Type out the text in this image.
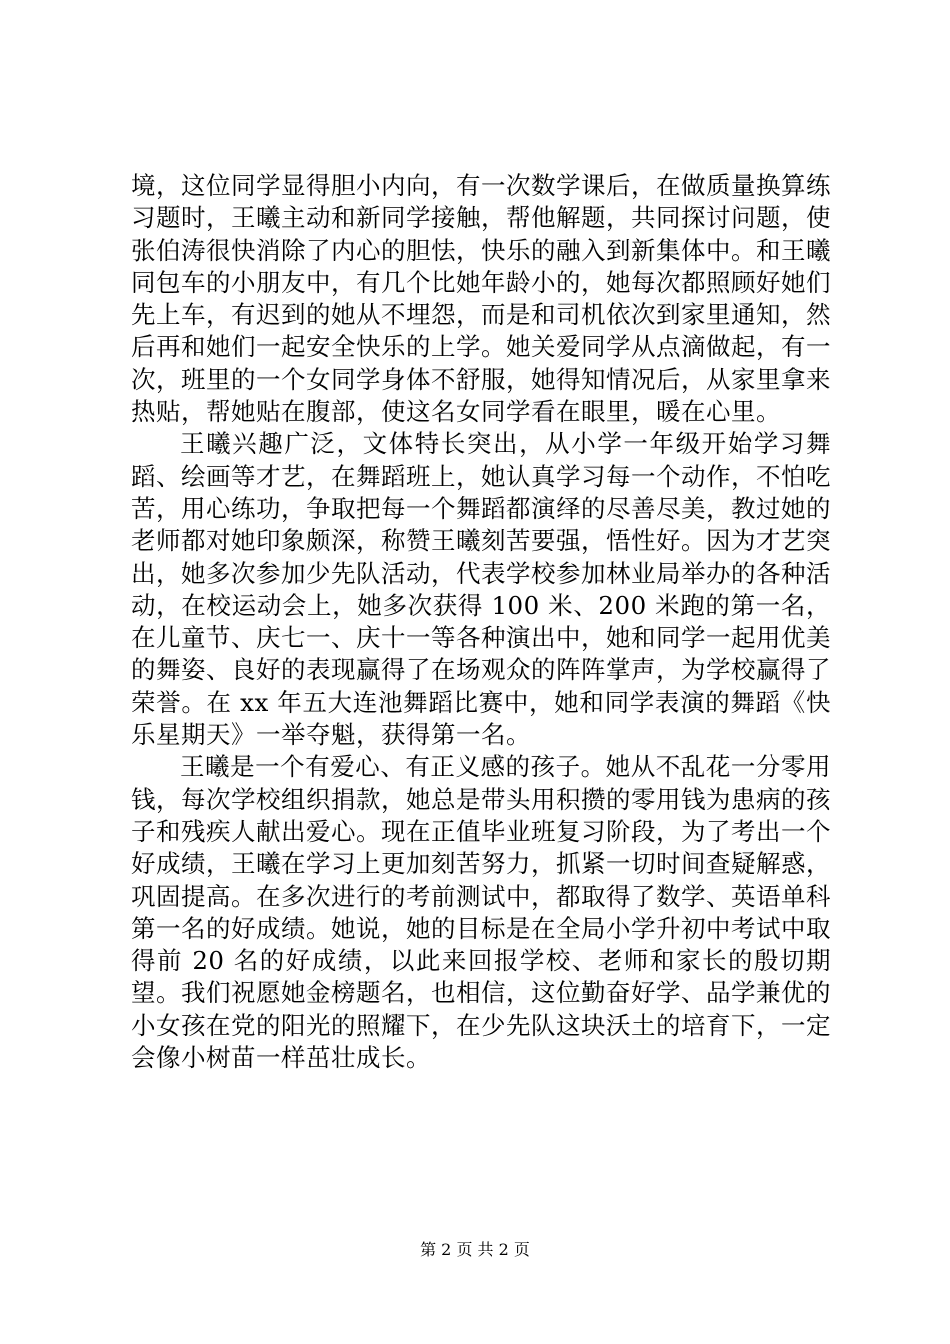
境，这位同学显得胆小内向，有一次数学课后，在做质量换算练习题时，王曦主动和新同学接触，帮他解题，共同探讨问题，使张伯涛很快消除了内心的胆怯，快乐的融入到新集体中。和王曦同包车的小朋友中，有几个比她年龄小的，她每次都照顾好她们先上车，有迟到的她从不埋怨，而是和司机依次到家里通知，然后再和她们一起安全快乐的上学。她关爱同学从点滴做起，有一次，班里的一个女同学身体不舒服，她得知情况后，从家里拿来热贴，帮她贴在腹部，使这名女同学看在眼里，暖在心里。

王曦兴趣广泛，文体特长突出，从小学一年级开始学习舞蹈、绘画等才艺，在舞蹈班上，她认真学习每一个动作，不怕吃苦，用心练功，争取把每一个舞蹈都演绎的尽善尽美，教过她的老师都对她印象颇深，称赞王曦刻苦要强，悟性好。因为才艺突出，她多次参加少先队活动，代表学校参加林业局举办的各种活动，在校运动会上，她多次获得 100 米、200 米跑的第一名，在儿童节、庆七一、庆十一等各种演出中，她和同学一起用优美的舞姿、良好的表现赢得了在场观众的阵阵掌声，为学校赢得了荣誉。在 xx 年五大连池舞蹈比赛中，她和同学表演的舞蹈《快乐星期天》一举夺魁，获得第一名。

王曦是一个有爱心、有正义感的孩子。她从不乱花一分零用钱，每次学校组织捐款，她总是带头用积攒的零用钱为患病的孩子和残疾人献出爱心。现在正值毕业班复习阶段，为了考出一个好成绩，王曦在学习上更加刻苦努力，抓紧一切时间查疑解惑，巩固提高。在多次进行的考前测试中，都取得了数学、英语单科第一名的好成绩。她说，她的目标是在全局小学升初中考试中取得前 20 名的好成绩，以此来回报学校、老师和家长的殷切期望。我们祝愿她金榜题名，也相信，这位勤奋好学、品学兼优的小女孩在党的阳光的照耀下，在少先队这块沃土的培育下，一定会像小树苗一样茁壮成长。

第 2 页 共 2 页
